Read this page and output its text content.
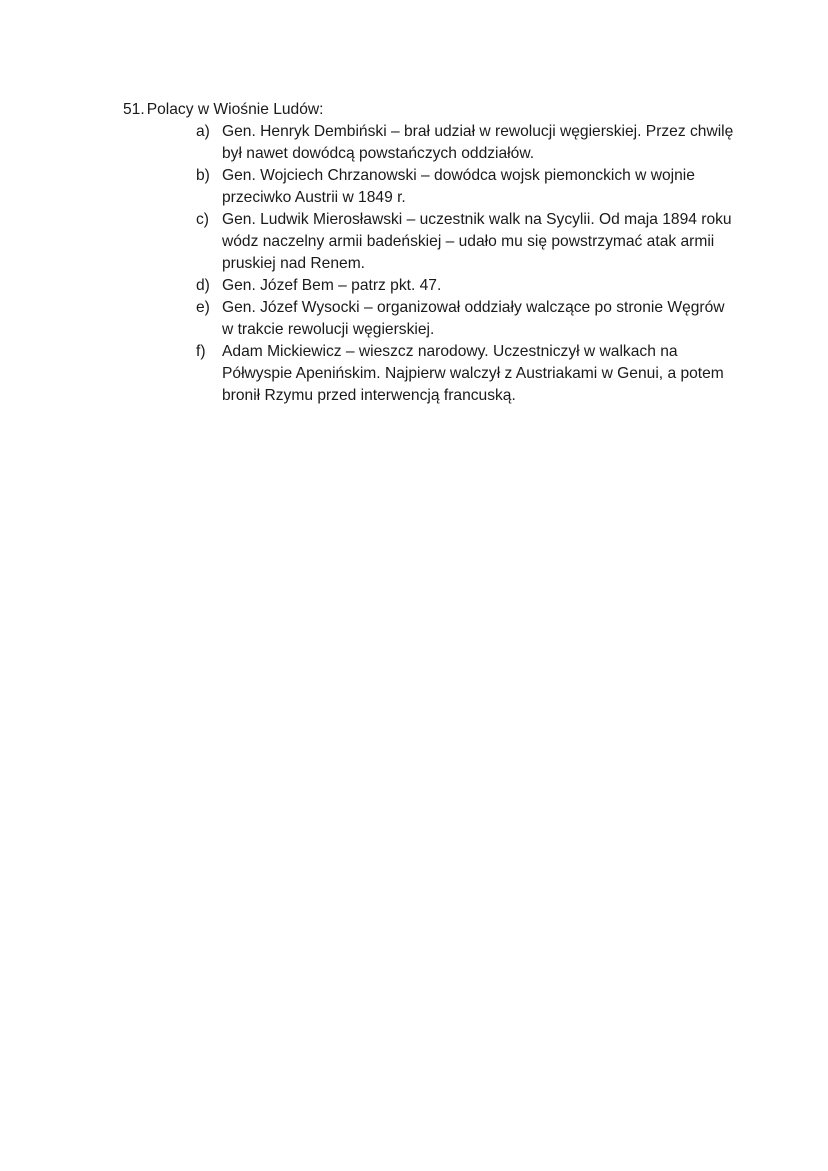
51. Polacy w Wiośnie Ludów:
a) Gen. Henryk Dembiński – brał udział w rewolucji węgierskiej. Przez chwilę był nawet dowódcą powstańczych oddziałów.
b) Gen. Wojciech Chrzanowski – dowódca wojsk piemonckich w wojnie przeciwko Austrii w 1849 r.
c) Gen. Ludwik Mierosławski – uczestnik walk na Sycylii. Od maja 1894 roku wódz naczelny armii badeńskiej – udało mu się powstrzymać atak armii pruskiej nad Renem.
d) Gen. Józef Bem – patrz pkt. 47.
e) Gen. Józef Wysocki – organizował oddziały walczące po stronie Węgrów w trakcie rewolucji węgierskiej.
f) Adam Mickiewicz – wieszcz narodowy. Uczestniczył w walkach na Półwyspie Apenińskim. Najpierw walczył z Austriakami w Genui, a potem bronił Rzymu przed interwencją francuską.
